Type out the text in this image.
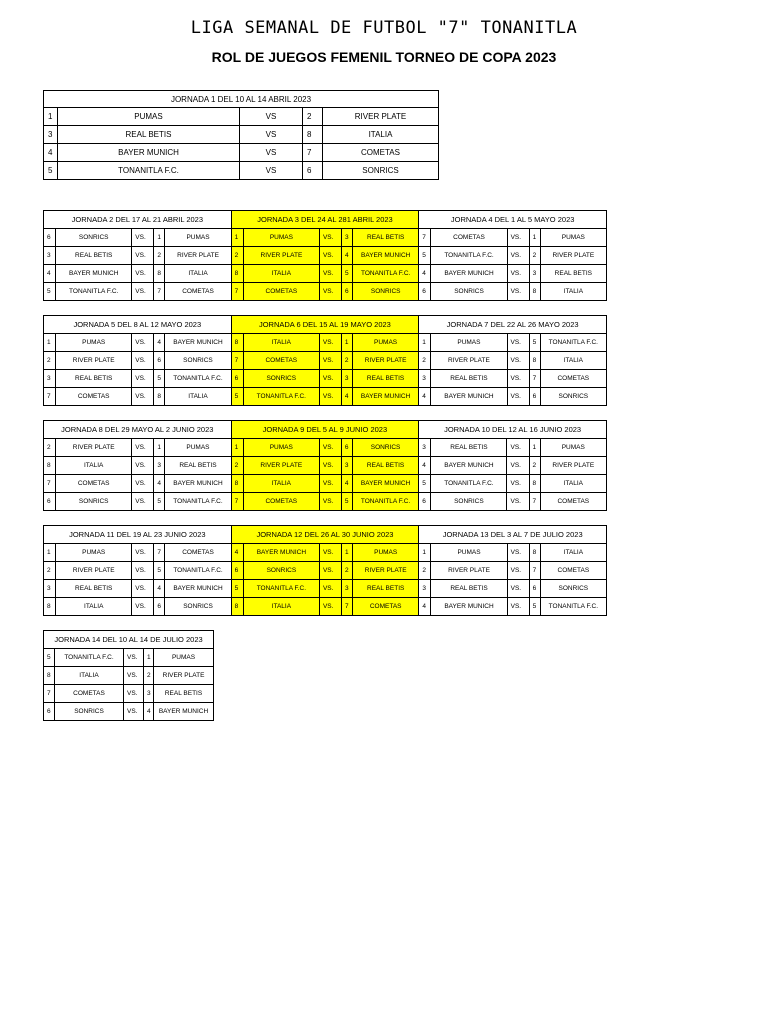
LIGA SEMANAL DE FUTBOL "7" TONANITLA
ROL DE JUEGOS FEMENIL TORNEO DE COPA 2023
JORNADA 1 DEL 10 AL 14 ABRIL 2023				
1	PUMAS	VS	2	RIVER PLATE
3	REAL BETIS	VS	8	ITALIA
4	BAYER MUNICH	VS	7	COMETAS
5	TONANITLA F.C.	VS	6	SONRICS
JORNADA 2 DEL 17 AL 21 ABRIL 2023					JORNADA 3 DEL 24 AL 281 ABRIL 2023					JORNADA 4 DEL 1 AL 5 MAYO 2023				
6	SONRICS	VS.	1	PUMAS	1	PUMAS	VS.	3	REAL BETIS	7	COMETAS	VS.	1	PUMAS
3	REAL BETIS	VS.	2	RIVER PLATE	2	RIVER PLATE	VS.	4	BAYER MUNICH	5	TONANITLA F.C.	VS.	2	RIVER PLATE
4	BAYER MUNICH	VS.	8	ITALIA	8	ITALIA	VS.	5	TONANITLA F.C.	4	BAYER MUNICH	VS.	3	REAL BETIS
5	TONANITLA F.C.	VS.	7	COMETAS	7	COMETAS	VS.	6	SONRICS	6	SONRICS	VS.	8	ITALIA
JORNADA 5 DEL 8 AL 12 MAYO 2023					JORNADA 6 DEL 15 AL 19 MAYO 2023					JORNADA 7 DEL 22 AL 26 MAYO 2023				
1	PUMAS	VS.	4	BAYER MUNICH	8	ITALIA	VS.	1	PUMAS	1	PUMAS	VS.	5	TONANITLA F.C.
2	RIVER PLATE	VS.	6	SONRICS	7	COMETAS	VS.	2	RIVER PLATE	2	RIVER PLATE	VS.	8	ITALIA
3	REAL BETIS	VS.	5	TONANITLA F.C.	6	SONRICS	VS.	3	REAL BETIS	3	REAL BETIS	VS.	7	COMETAS
7	COMETAS	VS.	8	ITALIA	5	TONANITLA F.C.	VS.	4	BAYER MUNICH	4	BAYER MUNICH	VS.	6	SONRICS
JORNADA 8 DEL 29 MAYO AL 2 JUNIO 2023					JORNADA 9 DEL 5 AL 9 JUNIO 2023					JORNADA 10 DEL 12 AL 16 JUNIO 2023				
2	RIVER PLATE	VS.	1	PUMAS	1	PUMAS	VS.	6	SONRICS	3	REAL BETIS	VS.	1	PUMAS
8	ITALIA	VS.	3	REAL BETIS	2	RIVER PLATE	VS.	3	REAL BETIS	4	BAYER MUNICH	VS.	2	RIVER PLATE
7	COMETAS	VS.	4	BAYER MUNICH	8	ITALIA	VS.	4	BAYER MUNICH	5	TONANITLA F.C.	VS.	8	ITALIA
6	SONRICS	VS.	5	TONANITLA F.C.	7	COMETAS	VS.	5	TONANITLA F.C.	6	SONRICS	VS.	7	COMETAS
JORNADA 11 DEL 19 AL 23 JUNIO 2023					JORNADA 12 DEL 26 AL 30 JUNIO 2023					JORNADA 13 DEL 3 AL 7 DE JULIO 2023				
1	PUMAS	VS.	7	COMETAS	4	BAYER MUNICH	VS.	1	PUMAS	1	PUMAS	VS.	8	ITALIA
2	RIVER PLATE	VS.	5	TONANITLA F.C.	6	SONRICS	VS.	2	RIVER PLATE	2	RIVER PLATE	VS.	7	COMETAS
3	REAL BETIS	VS.	4	BAYER MUNICH	5	TONANITLA F.C.	VS.	3	REAL BETIS	3	REAL BETIS	VS.	6	SONRICS
8	ITALIA	VS.	6	SONRICS	8	ITALIA	VS.	7	COMETAS	4	BAYER MUNICH	VS.	5	TONANITLA F.C.
JORNADA 14 DEL 10 AL 14 DE JULIO 2023				
5	TONANITLA F.C.	VS.	1	PUMAS
8	ITALIA	VS.	2	RIVER PLATE
7	COMETAS	VS.	3	REAL BETIS
6	SONRICS	VS.	4	BAYER MUNICH
